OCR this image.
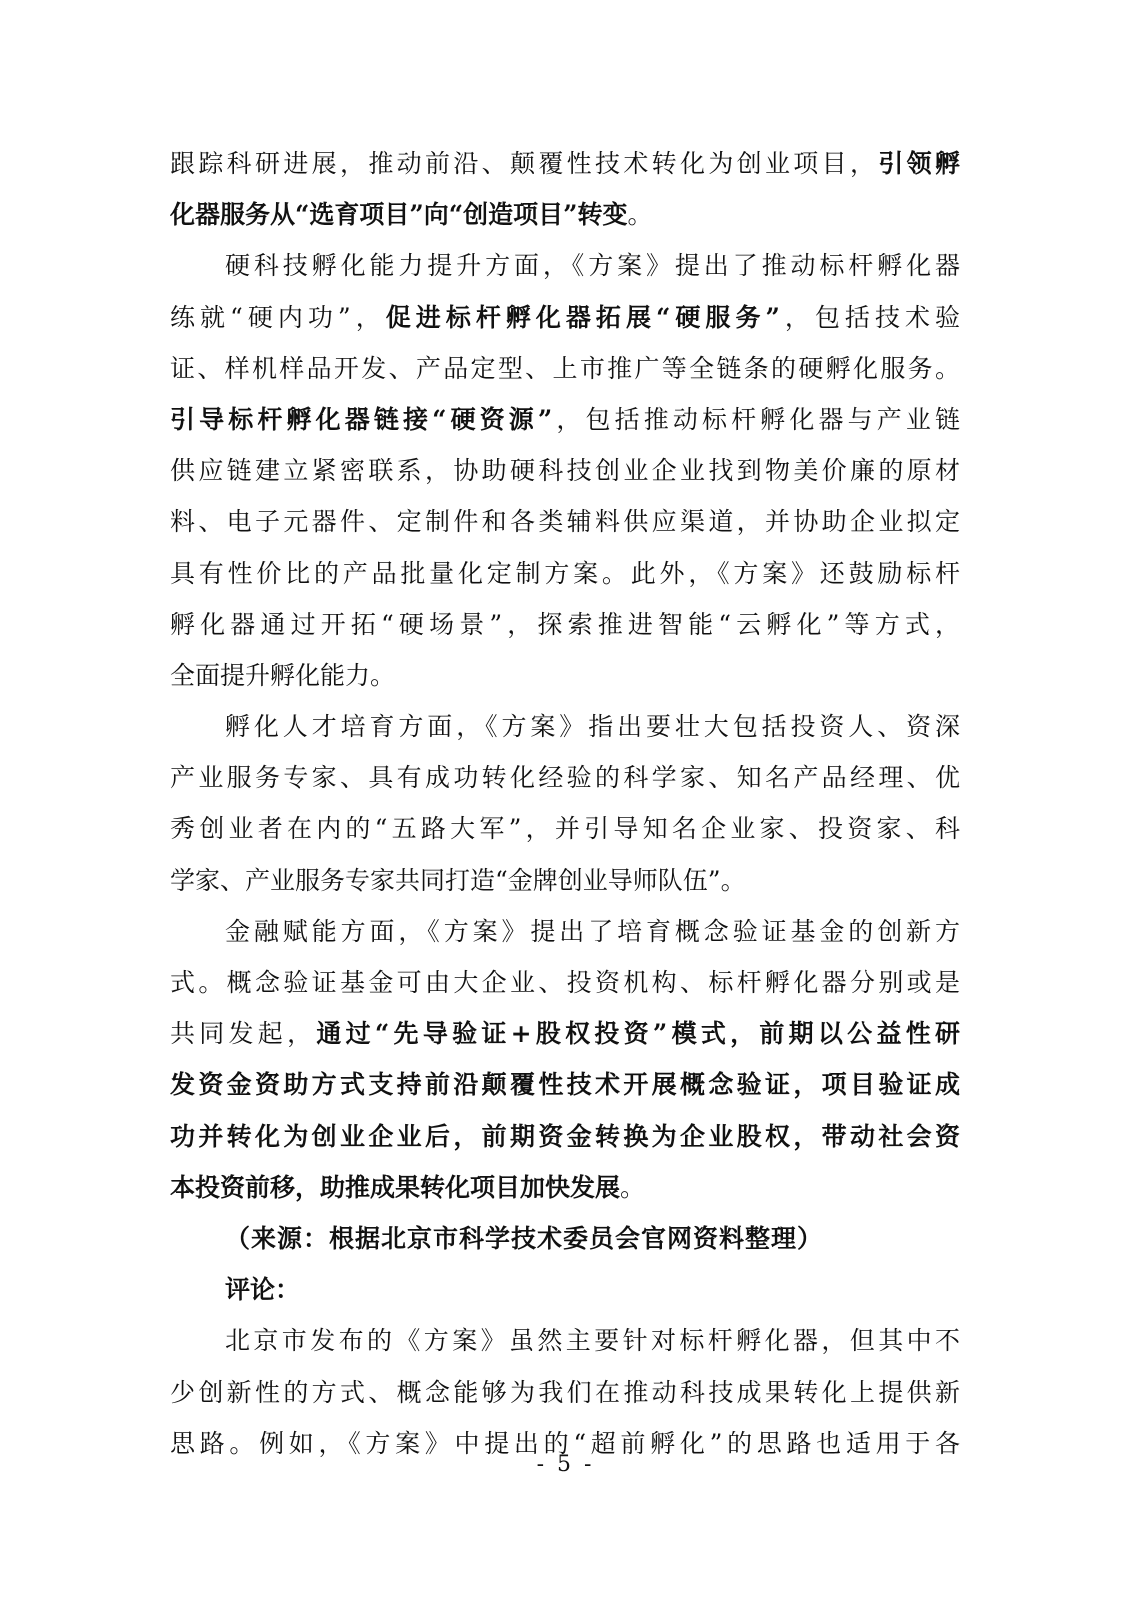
跟踪科研进展，推动前沿、颠覆性技术转化为创业项目，引领孵
化器服务从“选育项目”向“创造项目”转变。
硬科技孵化能力提升方面，《方案》提出了推动标杆孵化器
练就“硬内功”，促进标杆孵化器拓展“硬服务”，包括技术验
证、样机样品开发、产品定型、上市推广等全链条的硬孵化服务。
引导标杆孵化器链接“硬资源”，包括推动标杆孵化器与产业链
供应链建立紧密联系，协助硬科技创业企业找到物美价廉的原材
料、电子元器件、定制件和各类辅料供应渠道，并协助企业拟定
具有性价比的产品批量化定制方案。此外，《方案》还鼓励标杆
孵化器通过开拓“硬场景”，探索推进智能“云孵化”等方式，
全面提升孵化能力。
孵化人才培育方面，《方案》指出要壮大包括投资人、资深
产业服务专家、具有成功转化经验的科学家、知名产品经理、优
秀创业者在内的“五路大军”，并引导知名企业家、投资家、科
学家、产业服务专家共同打造“金牌创业导师队伍”。
金融赋能方面，《方案》提出了培育概念验证基金的创新方
式。概念验证基金可由大企业、投资机构、标杆孵化器分别或是
共同发起，通过“先导验证+股权投资”模式，前期以公益性研
发资金资助方式支持前沿颠覆性技术开展概念验证，项目验证成
功并转化为创业企业后，前期资金转换为企业股权，带动社会资
本投资前移，助推成果转化项目加快发展。
（来源：根据北京市科学技术委员会官网资料整理）
评论：
北京市发布的《方案》虽然主要针对标杆孵化器，但其中不
少创新性的方式、概念能够为我们在推动科技成果转化上提供新
思路。例如，《方案》中提出的“超前孵化”的思路也适用于各
- 5 -
